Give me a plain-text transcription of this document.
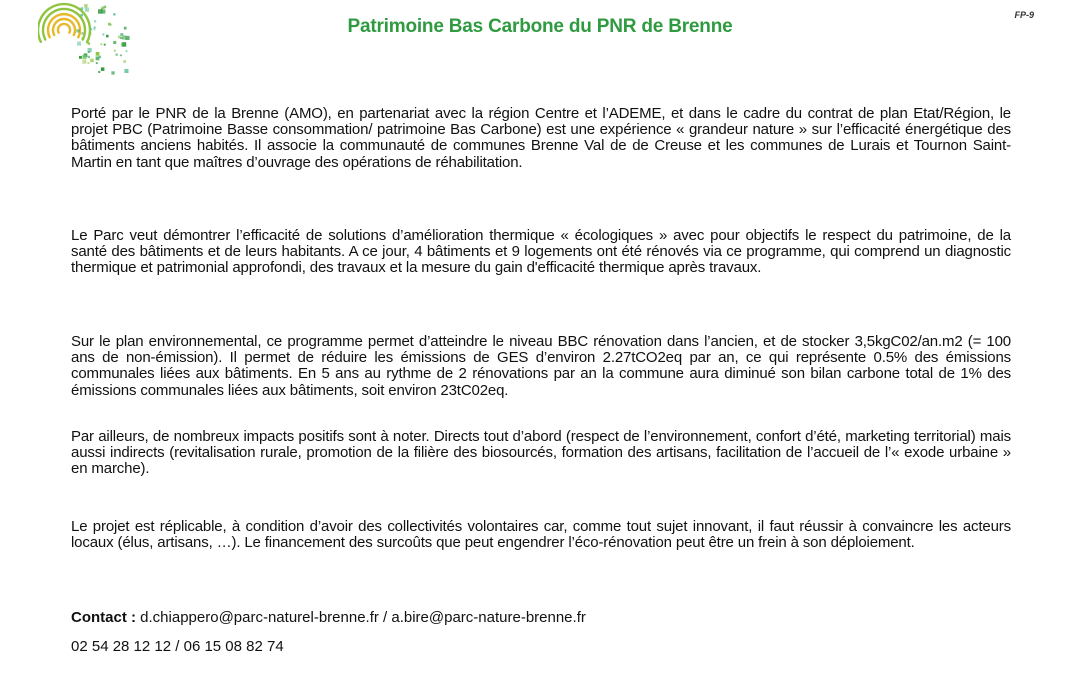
Patrimoine Bas Carbone du PNR de Brenne
FP-9

Porté par le PNR de la Brenne (AMO), en partenariat avec la région Centre et l’ADEME, et dans le cadre du contrat de plan Etat/Région, le projet PBC (Patrimoine Basse consommation/ patrimoine Bas Carbone) est une expérience « grandeur nature » sur l’efficacité énergétique des bâtiments anciens habités. Il associe la communauté de communes Brenne Val de de Creuse et les communes de Lurais et Tournon Saint-Martin en tant que maîtres d’ouvrage des opérations de réhabilitation.

Le Parc veut démontrer l’efficacité de solutions d’amélioration thermique « écologiques » avec pour objectifs le respect du patrimoine, de la santé des bâtiments et de leurs habitants. A ce jour, 4 bâtiments et 9 logements ont été rénovés via ce programme, qui comprend un diagnostic thermique et patrimonial approfondi, des travaux et la mesure du gain d'efficacité thermique après travaux.

Sur le plan environnemental, ce programme permet d’atteindre le niveau BBC rénovation dans l’ancien, et de stocker 3,5kgC02/an.m2 (= 100 ans de non-émission). Il permet de réduire les émissions de GES d’environ 2.27tCO2eq par an, ce qui représente 0.5% des émissions communales liées aux bâtiments. En 5 ans au rythme de 2 rénovations par an la commune aura diminué son bilan carbone total de 1% des émissions communales liées aux bâtiments, soit environ 23tC02eq.

Par ailleurs, de nombreux impacts positifs sont à noter. Directs tout d’abord (respect de l’environnement, confort d’été, marketing territorial) mais aussi indirects (revitalisation rurale, promotion de la filière des biosourcés, formation des artisans, facilitation de l’accueil de l’« exode urbaine » en marche).

Le projet est réplicable, à condition d’avoir des collectivités volontaires car, comme tout sujet innovant, il faut réussir à convaincre les acteurs locaux (élus, artisans, …). Le financement des surcoûts que peut engendrer l’éco-rénovation peut être un frein à son déploiement.

Contact : d.chiappero@parc-naturel-brenne.fr / a.bire@parc-nature-brenne.fr
02 54 28 12 12 / 06 15 08 82 74
